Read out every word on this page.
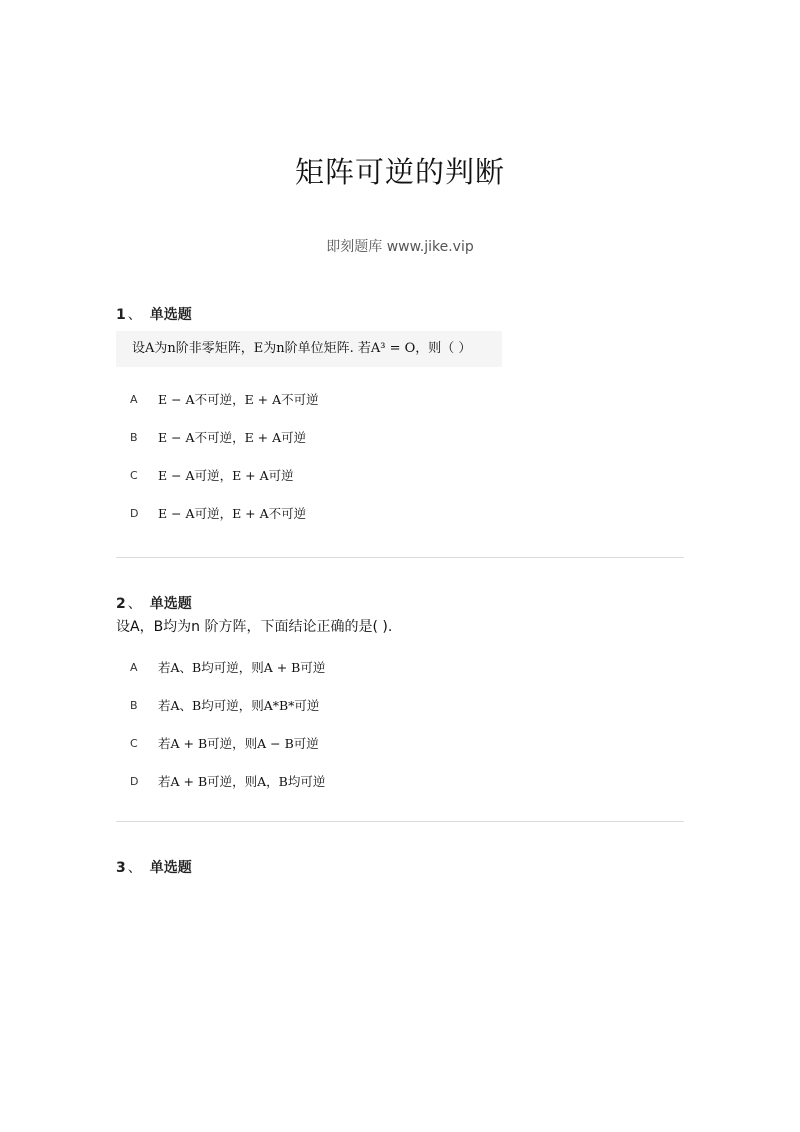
矩阵可逆的判断
即刻题库 www.jike.vip
1 、 单选题
设A为n阶非零矩阵，E为n阶单位矩阵. 若A³ = O，则（ ）
A	E − A不可逆，E + A不可逆
B	E − A不可逆，E + A可逆
C	E − A可逆，E + A可逆
D	E − A可逆，E + A不可逆
2 、 单选题
设A，B均为n 阶方阵，下面结论正确的是( ).
A	若A、B均可逆，则A + B可逆
B	若A、B均可逆，则A*B*可逆
C	若A + B可逆，则A − B可逆
D	若A + B可逆，则A，B均可逆
3 、 单选题
